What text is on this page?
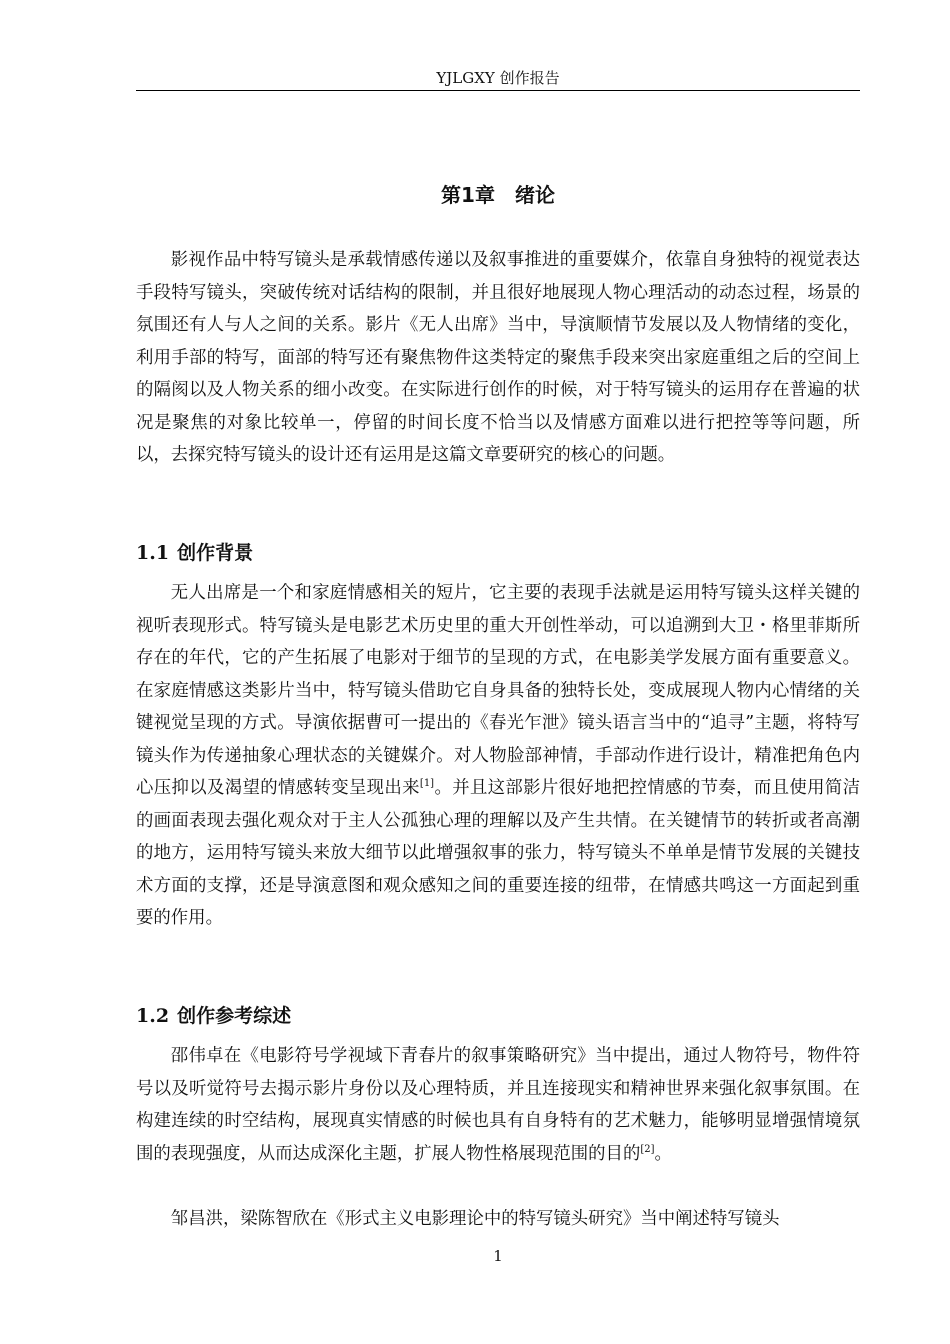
YJLGXY 创作报告
第1章　绪论

影视作品中特写镜头是承载情感传递以及叙事推进的重要媒介，依靠自身独特的视觉表达手段特写镜头，突破传统对话结构的限制，并且很好地展现人物心理活动的动态过程，场景的氛围还有人与人之间的关系。影片《无人出席》当中，导演顺情节发展以及人物情绪的变化，利用手部的特写，面部的特写还有聚焦物件这类特定的聚焦手段来突出家庭重组之后的空间上的隔阂以及人物关系的细小改变。在实际进行创作的时候，对于特写镜头的运用存在普遍的状况是聚焦的对象比较单一，停留的时间长度不恰当以及情感方面难以进行把控等等问题，所以，去探究特写镜头的设计还有运用是这篇文章要研究的核心的问题。

1.1 创作背景

无人出席是一个和家庭情感相关的短片，它主要的表现手法就是运用特写镜头这样关键的视听表现形式。特写镜头是电影艺术历史里的重大开创性举动，可以追溯到大卫・格里菲斯所存在的年代，它的产生拓展了电影对于细节的呈现的方式，在电影美学发展方面有重要意义。在家庭情感这类影片当中，特写镜头借助它自身具备的独特长处，变成展现人物内心情绪的关键视觉呈现的方式。导演依据曹可一提出的《春光乍泄》镜头语言当中的“追寻”主题，将特写镜头作为传递抽象心理状态的关键媒介。对人物脸部神情，手部动作进行设计，精准把角色内心压抑以及渴望的情感转变呈现出来[1]。并且这部影片很好地把控情感的节奏，而且使用简洁的画面表现去强化观众对于主人公孤独心理的理解以及产生共情。在关键情节的转折或者高潮的地方，运用特写镜头来放大细节以此增强叙事的张力，特写镜头不单单是情节发展的关键技术方面的支撑，还是导演意图和观众感知之间的重要连接的纽带，在情感共鸣这一方面起到重要的作用。

1.2 创作参考综述

邵伟卓在《电影符号学视域下青春片的叙事策略研究》当中提出，通过人物符号，物件符号以及听觉符号去揭示影片身份以及心理特质，并且连接现实和精神世界来强化叙事氛围。在构建连续的时空结构，展现真实情感的时候也具有自身特有的艺术魅力，能够明显增强情境氛围的表现强度，从而达成深化主题，扩展人物性格展现范围的目的[2]。

邹昌洪，梁陈智欣在《形式主义电影理论中的特写镜头研究》当中阐述特写镜头

1
